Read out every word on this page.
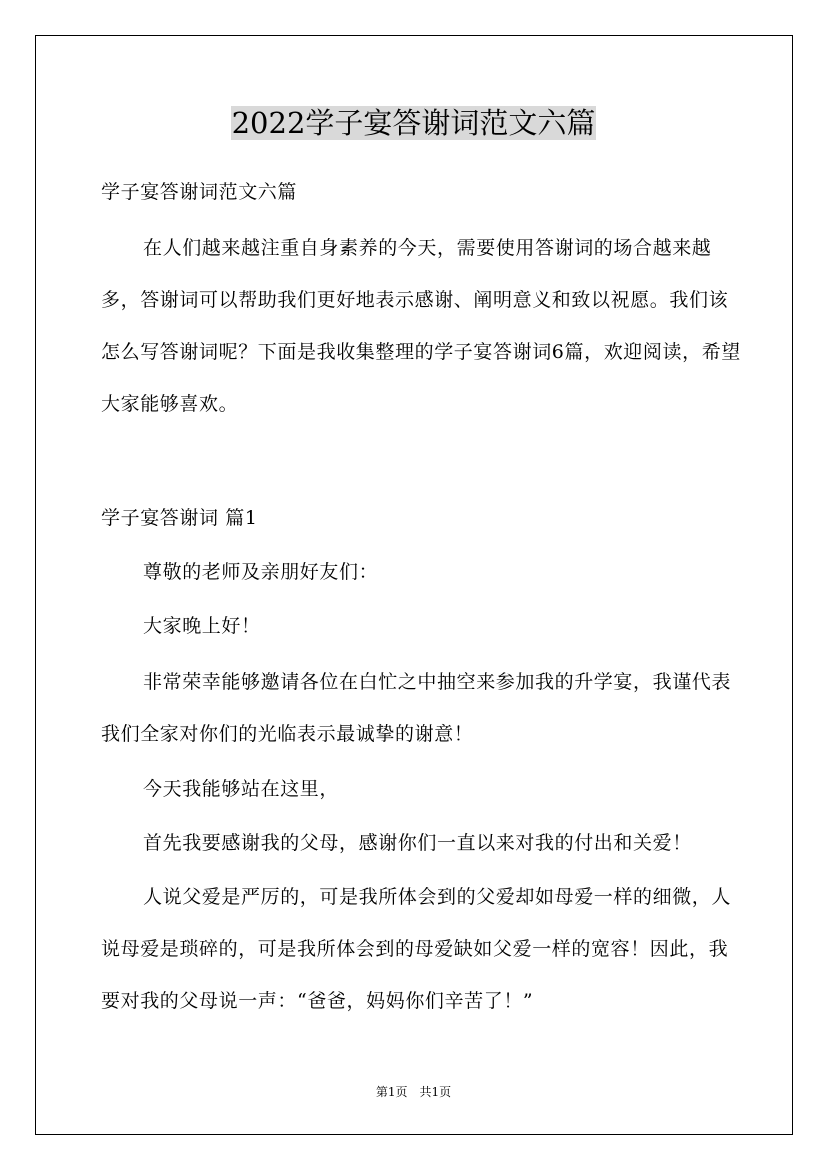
2022学子宴答谢词范文六篇

学子宴答谢词范文六篇

在人们越来越注重自身素养的今天，需要使用答谢词的场合越来越多，答谢词可以帮助我们更好地表示感谢、阐明意义和致以祝愿。我们该怎么写答谢词呢？下面是我收集整理的学子宴答谢词6篇，欢迎阅读，希望大家能够喜欢。

学子宴答谢词 篇1

尊敬的老师及亲朋好友们：

大家晚上好！

非常荣幸能够邀请各位在白忙之中抽空来参加我的升学宴，我谨代表我们全家对你们的光临表示最诚挚的谢意！

今天我能够站在这里，

首先我要感谢我的父母，感谢你们一直以来对我的付出和关爱！

人说父爱是严厉的，可是我所体会到的父爱却如母爱一样的细微，人说母爱是琐碎的，可是我所体会到的母爱缺如父爱一样的宽容！因此，我要对我的父母说一声：“爸爸，妈妈你们辛苦了！”

第1页　共1页
